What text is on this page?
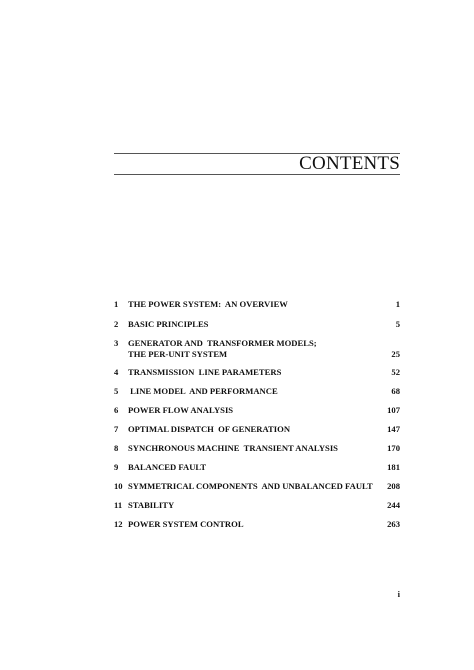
CONTENTS
1	THE POWER SYSTEM:  AN OVERVIEW	1
2	BASIC PRINCIPLES	5
3	GENERATOR AND  TRANSFORMER MODELS;
THE PER-UNIT SYSTEM	25
4	TRANSMISSION  LINE PARAMETERS	52
5	LINE MODEL  AND PERFORMANCE	68
6	POWER FLOW ANALYSIS	107
7	OPTIMAL DISPATCH  OF GENERATION	147
8	SYNCHRONOUS MACHINE  TRANSIENT ANALYSIS	170
9	BALANCED FAULT	181
10 SYMMETRICAL COMPONENTS  AND UNBALANCED FAULT	208
11 STABILITY	244
12 POWER SYSTEM CONTROL	263
i
